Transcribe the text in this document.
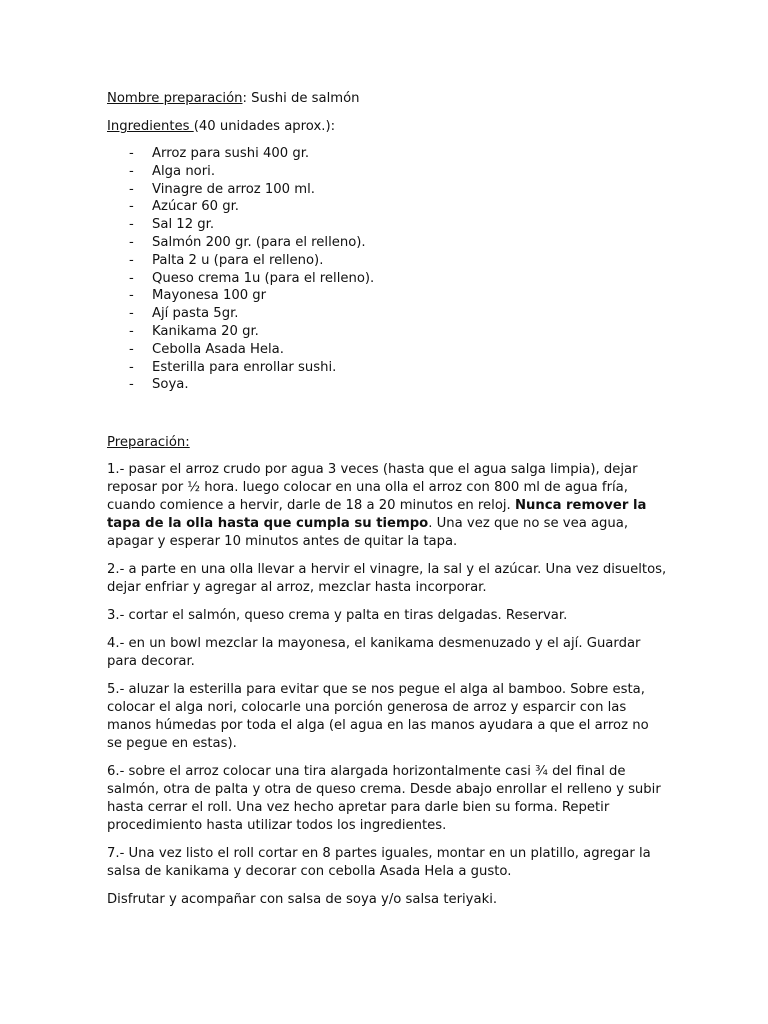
Nombre preparación: Sushi de salmón

Ingredientes (40 unidades aprox.):

- Arroz para sushi 400 gr.
- Alga nori.
- Vinagre de arroz 100 ml.
- Azúcar 60 gr.
- Sal 12 gr.
- Salmón 200 gr. (para el relleno).
- Palta 2 u (para el relleno).
- Queso crema 1u (para el relleno).
- Mayonesa 100 gr
- Ají pasta 5gr.
- Kanikama 20 gr.
- Cebolla Asada Hela.
- Esterilla para enrollar sushi.
- Soya.

Preparación:

1.- pasar el arroz crudo por agua 3 veces (hasta que el agua salga limpia), dejar reposar por ½ hora. luego colocar en una olla el arroz con 800 ml de agua fría, cuando comience a hervir, darle de 18 a 20 minutos en reloj. Nunca remover la tapa de la olla hasta que cumpla su tiempo. Una vez que no se vea agua, apagar y esperar 10 minutos antes de quitar la tapa.

2.- a parte en una olla llevar a hervir el vinagre, la sal y el azúcar. Una vez disueltos, dejar enfriar y agregar al arroz, mezclar hasta incorporar.

3.- cortar el salmón, queso crema y palta en tiras delgadas. Reservar.

4.- en un bowl mezclar la mayonesa, el kanikama desmenuzado y el ají. Guardar para decorar.

5.- aluzar la esterilla para evitar que se nos pegue el alga al bamboo. Sobre esta, colocar el alga nori, colocarle una porción generosa de arroz y esparcir con las manos húmedas por toda el alga (el agua en las manos ayudara a que el arroz no se pegue en estas).

6.- sobre el arroz colocar una tira alargada horizontalmente casi ¾ del final de salmón, otra de palta y otra de queso crema. Desde abajo enrollar el relleno y subir hasta cerrar el roll. Una vez hecho apretar para darle bien su forma. Repetir procedimiento hasta utilizar todos los ingredientes.

7.- Una vez listo el roll cortar en 8 partes iguales, montar en un platillo, agregar la salsa de kanikama y decorar con cebolla Asada Hela a gusto.

Disfrutar y acompañar con salsa de soya y/o salsa teriyaki.
